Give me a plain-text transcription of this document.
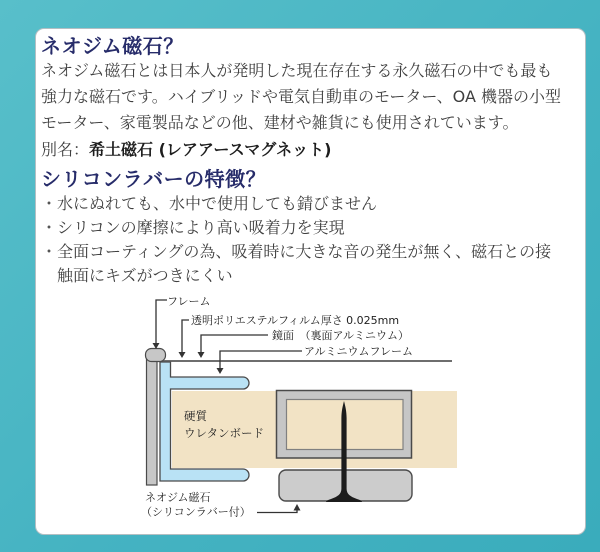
ネオジム磁石？
ネオジム磁石とは日本人が発明した現在存在する永久磁石の中でも最も
強力な磁石です。ハイブリッドや電気自動車のモーター、OA 機器の小型
モーター、家電製品などの他、建材や雑貨にも使用されています。
別名：希土磁石 (レアアースマグネット)
シリコンラバーの特徴？
・ 水にぬれても、水中で使用しても錆びません
・ シリコンの摩擦により高い吸着力を実現
・ 全面コーティングの為、吸着時に大きな音の発生が無く、磁石との接触面にキズがつきにくい
フレーム
透明ポリエステルフィルム厚さ 0.025mm
鏡面　（裏面アルミニウム）
アルミニウムフレーム
硬質
ウレタンボード
ネオジム磁石
（シリコンラバー付）
